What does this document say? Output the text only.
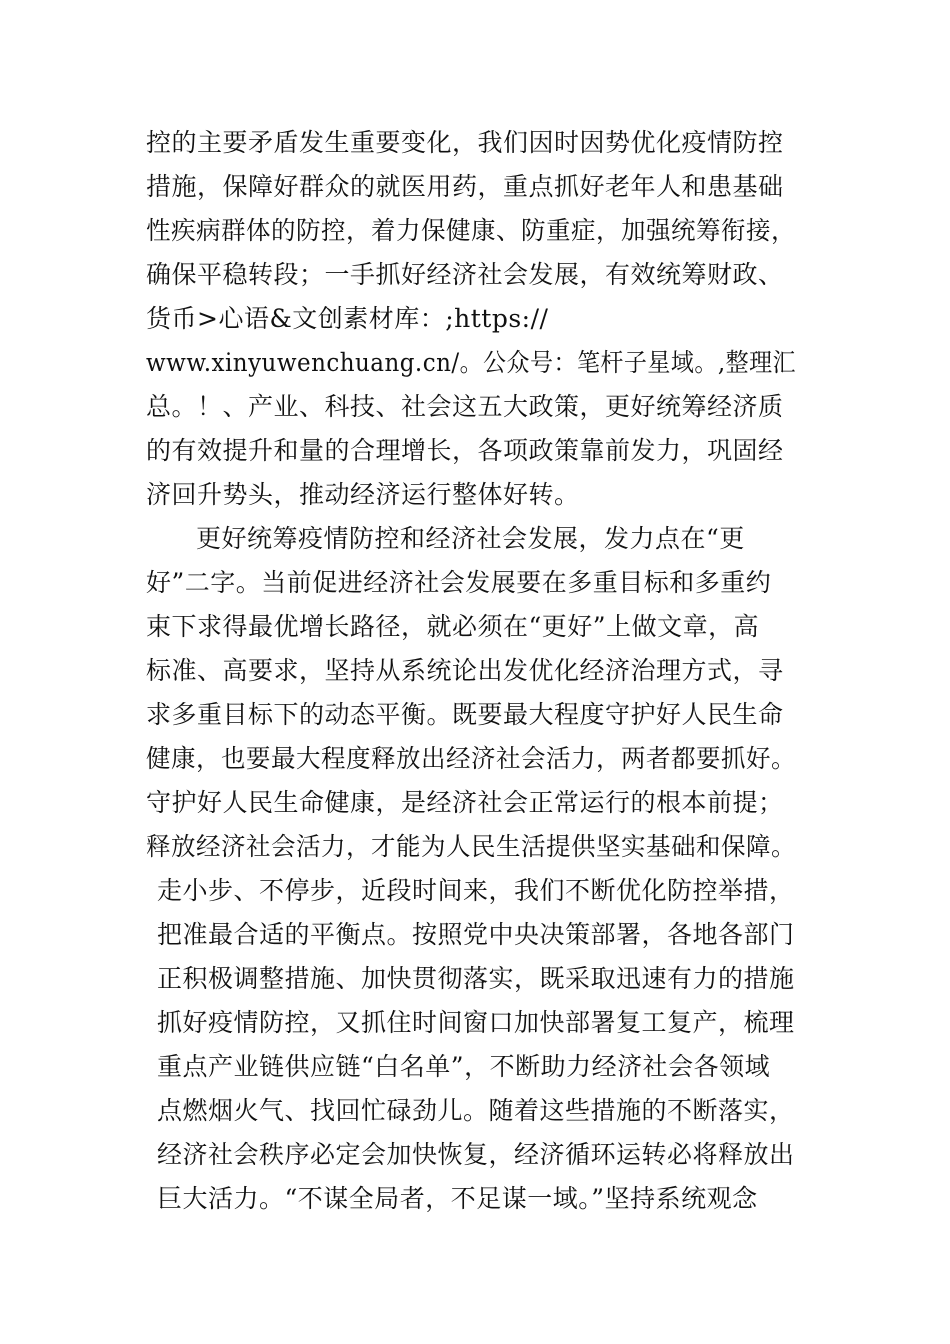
控的主要矛盾发生重要变化，我们因时因势优化疫情防控
措施，保障好群众的就医用药，重点抓好老年人和患基础
性疾病群体的防控，着力保健康、防重症，加强统筹衔接，
确保平稳转段；一手抓好经济社会发展，有效统筹财政、
货币>心语&文创素材库：;https://
www.xinyuwenchuang.cn/。公众号：笔杆子星域。,整理汇
总。！、产业、科技、社会这五大政策，更好统筹经济质
的有效提升和量的合理增长，各项政策靠前发力，巩固经
济回升势头，推动经济运行整体好转。
更好统筹疫情防控和经济社会发展，发力点在“更
好”二字。当前促进经济社会发展要在多重目标和多重约
束下求得最优增长路径，就必须在“更好”上做文章，高
标准、高要求，坚持从系统论出发优化经济治理方式，寻
求多重目标下的动态平衡。既要最大程度守护好人民生命
健康，也要最大程度释放出经济社会活力，两者都要抓好。
守护好人民生命健康，是经济社会正常运行的根本前提；
释放经济社会活力，才能为人民生活提供坚实基础和保障。
走小步、不停步，近段时间来，我们不断优化防控举措，
把准最合适的平衡点。按照党中央决策部署，各地各部门
正积极调整措施、加快贯彻落实，既采取迅速有力的措施
抓好疫情防控，又抓住时间窗口加快部署复工复产，梳理
重点产业链供应链“白名单”，不断助力经济社会各领域
点燃烟火气、找回忙碌劲儿。随着这些措施的不断落实，
经济社会秩序必定会加快恢复，经济循环运转必将释放出
巨大活力。“不谋全局者，不足谋一域。”坚持系统观念
